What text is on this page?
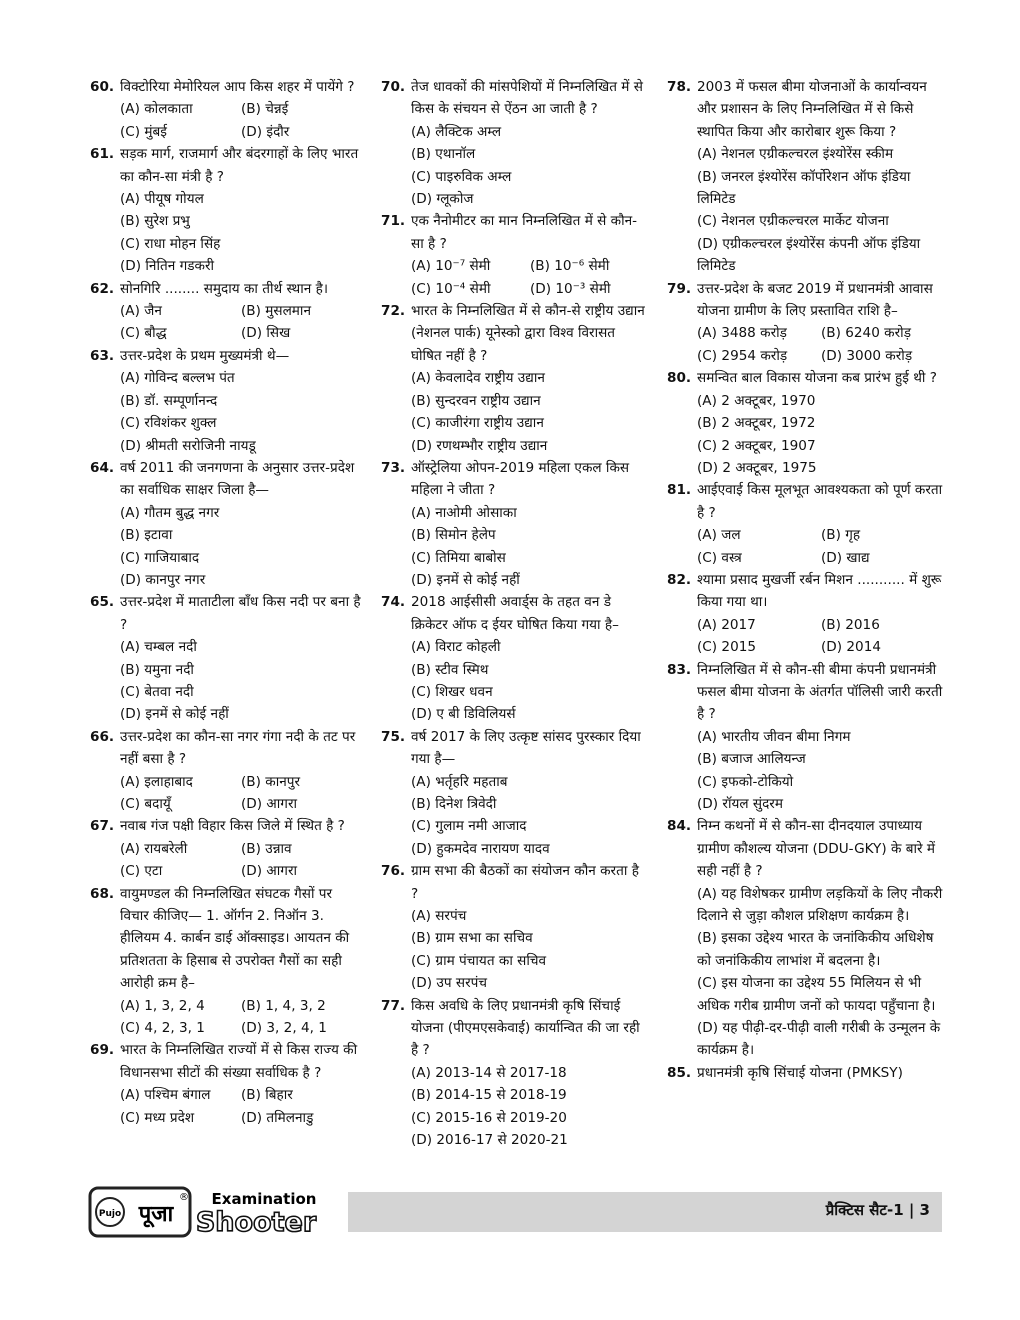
60. विक्टोरिया मेमोरियल आप किस शहर में पायेंगे ?
(A) कोलकाता	(B) चेन्नई
(C) मुंबई	(D) इंदौर
61. सड़क मार्ग, राजमार्ग और बंदरगाहों के लिए भारत का कौन-सा मंत्री है ?
(A) पीयूष गोयल
(B) सुरेश प्रभु
(C) राधा मोहन सिंह
(D) नितिन गडकरी
62. सोनगिरि ........ समुदाय का तीर्थ स्थान है।
(A) जैन	(B) मुसलमान
(C) बौद्ध	(D) सिख
63. उत्तर-प्रदेश के प्रथम मुख्यमंत्री थे—
(A) गोविन्द बल्लभ पंत
(B) डॉ. सम्पूर्णानन्द
(C) रविशंकर शुक्ल
(D) श्रीमती सरोजिनी नायडू
64. वर्ष 2011 की जनगणना के अनुसार उत्तर-प्रदेश का सर्वाधिक साक्षर जिला है—
(A) गौतम बुद्ध नगर
(B) इटावा
(C) गाजियाबाद
(D) कानपुर नगर
65. उत्तर-प्रदेश में माताटीला बाँध किस नदी पर बना है ?
(A) चम्बल नदी
(B) यमुना नदी
(C) बेतवा नदी
(D) इनमें से कोई नहीं
66. उत्तर-प्रदेश का कौन-सा नगर गंगा नदी के तट पर नहीं बसा है ?
(A) इलाहाबाद	(B) कानपुर
(C) बदायूँ	(D) आगरा
67. नवाब गंज पक्षी विहार किस जिले में स्थित है ?
(A) रायबरेली	(B) उन्नाव
(C) एटा	(D) आगरा
68. वायुमण्डल की निम्नलिखित संघटक गैसों पर विचार कीजिए— 1. ऑर्गन 2. निऑन 3. हीलियम 4. कार्बन डाई ऑक्साइड। आयतन की प्रतिशतता के हिसाब से उपरोक्त गैसों का सही आरोही क्रम है–
(A) 1, 3, 2, 4	(B) 1, 4, 3, 2
(C) 4, 2, 3, 1	(D) 3, 2, 4, 1
69. भारत के निम्नलिखित राज्यों में से किस राज्य की विधानसभा सीटों की संख्या सर्वाधिक है ?
(A) पश्चिम बंगाल	(B) बिहार
(C) मध्य प्रदेश	(D) तमिलनाडु
70. तेज धावकों की मांसपेशियों में निम्नलिखित में से किस के संचयन से ऐंठन आ जाती है ?
(A) लैक्टिक अम्ल
(B) एथानॉल
(C) पाइरुविक अम्ल
(D) ग्लूकोज
71. एक नैनोमीटर का मान निम्नलिखित में से कौन-सा है ?
(A) 10⁻⁷ सेमी	(B) 10⁻⁶ सेमी
(C) 10⁻⁴ सेमी	(D) 10⁻³ सेमी
72. भारत के निम्नलिखित में से कौन-से राष्ट्रीय उद्यान (नेशनल पार्क) यूनेस्को द्वारा विश्व विरासत घोषित नहीं है ?
(A) केवलादेव राष्ट्रीय उद्यान
(B) सुन्दरवन राष्ट्रीय उद्यान
(C) काजीरंगा राष्ट्रीय उद्यान
(D) रणथम्भौर राष्ट्रीय उद्यान
73. ऑस्ट्रेलिया ओपन-2019 महिला एकल किस महिला ने जीता ?
(A) नाओमी ओसाका
(B) सिमोन हेलेप
(C) तिमिया बाबोस
(D) इनमें से कोई नहीं
74. 2018 आईसीसी अवार्ड्स के तहत वन डे क्रिकेटर ऑफ द ईयर घोषित किया गया है–
(A) विराट कोहली
(B) स्टीव स्मिथ
(C) शिखर धवन
(D) ए बी डिविलियर्स
75. वर्ष 2017 के लिए उत्कृष्ट सांसद पुरस्कार दिया गया है—
(A) भर्तृहरि महताब
(B) दिनेश त्रिवेदी
(C) गुलाम नमी आजाद
(D) हुकमदेव नारायण यादव
76. ग्राम सभा की बैठकों का संयोजन कौन करता है ?
(A) सरपंच
(B) ग्राम सभा का सचिव
(C) ग्राम पंचायत का सचिव
(D) उप सरपंच
77. किस अवधि के लिए प्रधानमंत्री कृषि सिंचाई योजना (पीएमएसकेवाई) कार्यान्वित की जा रही है ?
(A) 2013-14 से 2017-18
(B) 2014-15 से 2018-19
(C) 2015-16 से 2019-20
(D) 2016-17 से 2020-21
78. 2003 में फसल बीमा योजनाओं के कार्यान्वयन और प्रशासन के लिए निम्नलिखित में से किसे स्थापित किया और कारोबार शुरू किया ?
(A) नेशनल एग्रीकल्चरल इंश्योरेंस स्कीम
(B) जनरल इंश्योरेंस कॉर्पोरेशन ऑफ इंडिया लिमिटेड
(C) नेशनल एग्रीकल्चरल मार्केट योजना
(D) एग्रीकल्चरल इंश्योरेंस कंपनी ऑफ इंडिया लिमिटेड
79. उत्तर-प्रदेश के बजट 2019 में प्रधानमंत्री आवास योजना ग्रामीण के लिए प्रस्तावित राशि है–
(A) 3488 करोड़	(B) 6240 करोड़
(C) 2954 करोड़	(D) 3000 करोड़
80. समन्वित बाल विकास योजना कब प्रारंभ हुई थी ?
(A) 2 अक्टूबर, 1970
(B) 2 अक्टूबर, 1972
(C) 2 अक्टूबर, 1907
(D) 2 अक्टूबर, 1975
81. आईएवाई किस मूलभूत आवश्यकता को पूर्ण करता है ?
(A) जल	(B) गृह
(C) वस्त्र	(D) खाद्य
82. श्यामा प्रसाद मुखर्जी रर्बन मिशन ........... में शुरू किया गया था।
(A) 2017	(B) 2016
(C) 2015	(D) 2014
83. निम्नलिखित में से कौन-सी बीमा कंपनी प्रधानमंत्री फसल बीमा योजना के अंतर्गत पॉलिसी जारी करती है ?
(A) भारतीय जीवन बीमा निगम
(B) बजाज आलियन्ज
(C) इफको-टोकियो
(D) रॉयल सुंदरम
84. निम्न कथनों में से कौन-सा दीनदयाल उपाध्याय ग्रामीण कौशल्य योजना (DDU-GKY) के बारे में सही नहीं है ?
(A) यह विशेषकर ग्रामीण लड़कियों के लिए नौकरी दिलाने से जुड़ा कौशल प्रशिक्षण कार्यक्रम है।
(B) इसका उद्देश्य भारत के जनांकिकीय अधिशेष को जनांकिकीय लाभांश में बदलना है।
(C) इस योजना का उद्देश्य 55 मिलियन से भी अधिक गरीब ग्रामीण जनों को फायदा पहुँचाना है।
(D) यह पीढ़ी-दर-पीढ़ी वाली गरीबी के उन्मूलन के कार्यक्रम है।
85. प्रधानमंत्री कृषि सिंचाई योजना (PMKSY)
Pujo पूजा
® Examination
Shooter	प्रैक्टिस सैट-1 | 3
